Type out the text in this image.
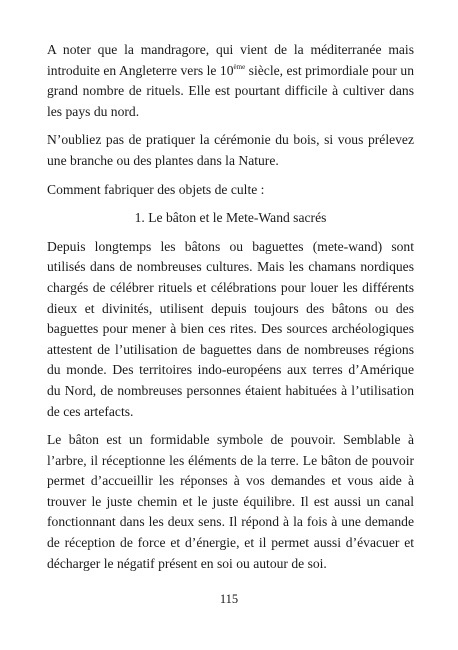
A noter que la mandragore, qui vient de la méditerranée mais introduite en Angleterre vers le 10ème siècle, est primordiale pour un grand nombre de rituels. Elle est pourtant difficile à cultiver dans les pays du nord.

N’oubliez pas de pratiquer la cérémonie du bois, si vous prélevez une branche ou des plantes dans la Nature.

Comment fabriquer des objets de culte :

1. Le bâton et le Mete-Wand sacrés

Depuis longtemps les bâtons ou baguettes (mete-wand) sont utilisés dans de nombreuses cultures. Mais les chamans nordiques chargés de célébrer rituels et célébrations pour louer les différents dieux et divinités, utilisent depuis toujours des bâtons ou des baguettes pour mener à bien ces rites. Des sources archéologiques attestent de l’utilisation de baguettes dans de nombreuses régions du monde. Des territoires indo-européens aux terres d’Amérique du Nord, de nombreuses personnes étaient habituées à l’utilisation de ces artefacts.

Le bâton est un formidable symbole de pouvoir. Semblable à l’arbre, il réceptionne les éléments de la terre. Le bâton de pouvoir permet d’accueillir les réponses à vos demandes et vous aide à trouver le juste chemin et le juste équilibre. Il est aussi un canal fonctionnant dans les deux sens. Il répond à la fois à une demande de réception de force et d’énergie, et il permet aussi d’évacuer et décharger le négatif présent en soi ou autour de soi.

115
